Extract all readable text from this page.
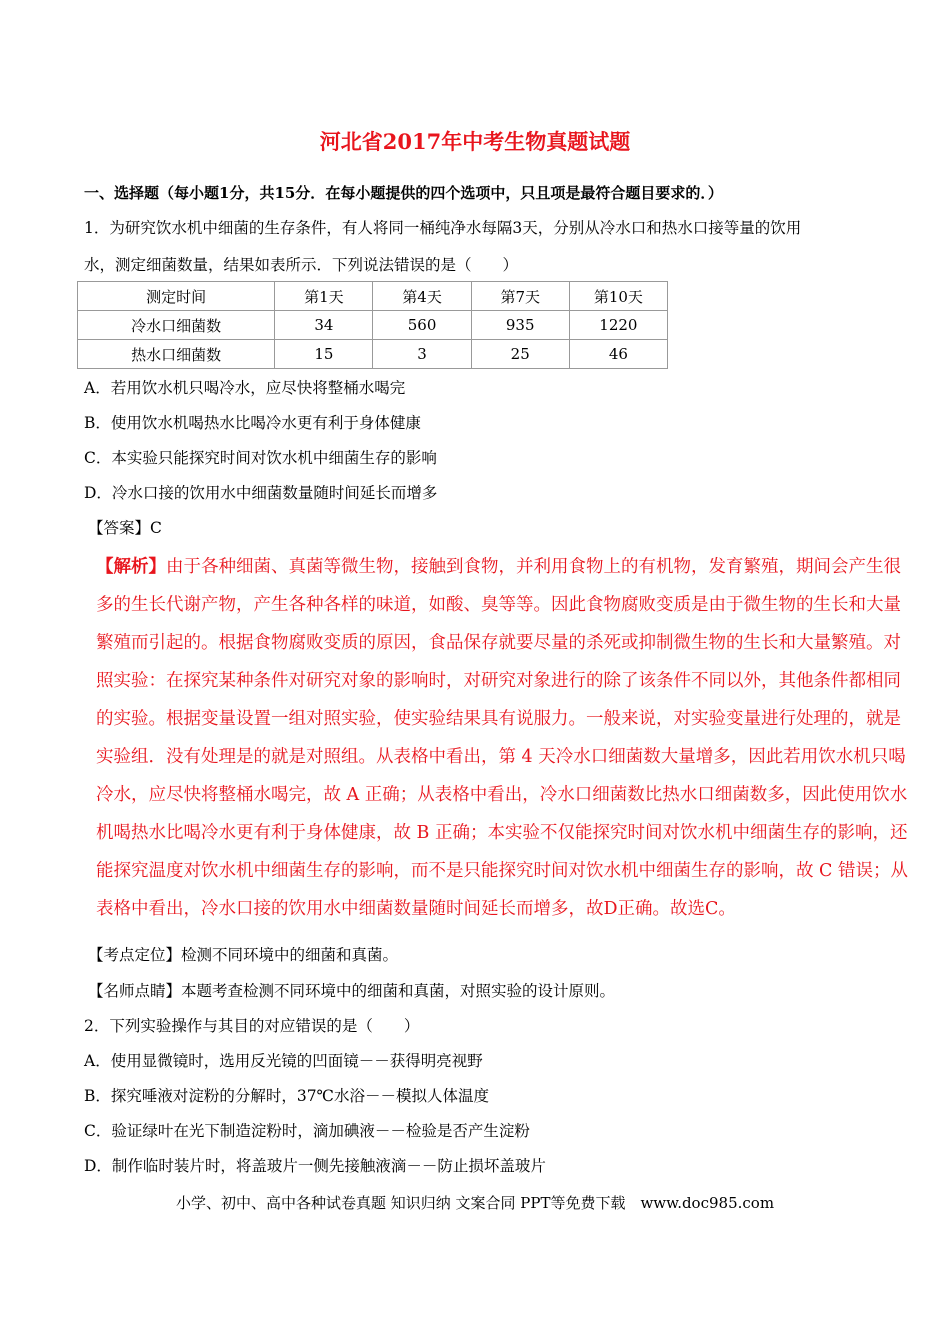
河北省2017年中考生物真题试题
一、选择题（每小题1分，共15分．在每小题提供的四个选项中，只且项是最符合题目要求的．）
1．为研究饮水机中细菌的生存条件，有人将同一桶纯净水每隔3天，分别从冷水口和热水口接等量的饮用
水，测定细菌数量，结果如表所示．下列说法错误的是（　　）
测定时间	第1天	第4天	第7天	第10天
冷水口细菌数	34	560	935	1220
热水口细菌数	15	3	25	46
A．若用饮水机只喝冷水，应尽快将整桶水喝完
B．使用饮水机喝热水比喝冷水更有利于身体健康
C．本实验只能探究时间对饮水机中细菌生存的影响
D．冷水口接的饮用水中细菌数量随时间延长而增多
【答案】C

【解析】由于各种细菌、真菌等微生物，接触到食物，并利用食物上的有机物，发育繁殖，期间会产生很

多的生长代谢产物，产生各种各样的味道，如酸、臭等等。因此食物腐败变质是由于微生物的生长和大量

繁殖而引起的。根据食物腐败变质的原因，食品保存就要尽量的杀死或抑制微生物的生长和大量繁殖。对

照实验：在探究某种条件对研究对象的影响时，对研究对象进行的除了该条件不同以外，其他条件都相同

的实验。根据变量设置一组对照实验，使实验结果具有说服力。一般来说，对实验变量进行处理的，就是

实验组．没有处理是的就是对照组。从表格中看出，第 4 天冷水口细菌数大量增多，因此若用饮水机只喝

冷水，应尽快将整桶水喝完，故 A 正确；从表格中看出，冷水口细菌数比热水口细菌数多，因此使用饮水

机喝热水比喝冷水更有利于身体健康，故 B 正确；本实验不仅能探究时间对饮水机中细菌生存的影响，还

能探究温度对饮水机中细菌生存的影响，而不是只能探究时间对饮水机中细菌生存的影响，故 C 错误；从

表格中看出，冷水口接的饮用水中细菌数量随时间延长而增多，故D正确。故选C。

【考点定位】检测不同环境中的细菌和真菌。
【名师点睛】本题考查检测不同环境中的细菌和真菌，对照实验的设计原则。
2．下列实验操作与其目的对应错误的是（　　）
A．使用显微镜时，选用反光镜的凹面镜－－获得明亮视野
B．探究唾液对淀粉的分解时，37℃水浴－－模拟人体温度
C．验证绿叶在光下制造淀粉时，滴加碘液－－检验是否产生淀粉
D．制作临时装片时，将盖玻片一侧先接触液滴－－防止损坏盖玻片
小学、初中、高中各种试卷真题 知识归纳 文案合同 PPT等免费下载　www.doc985.com
